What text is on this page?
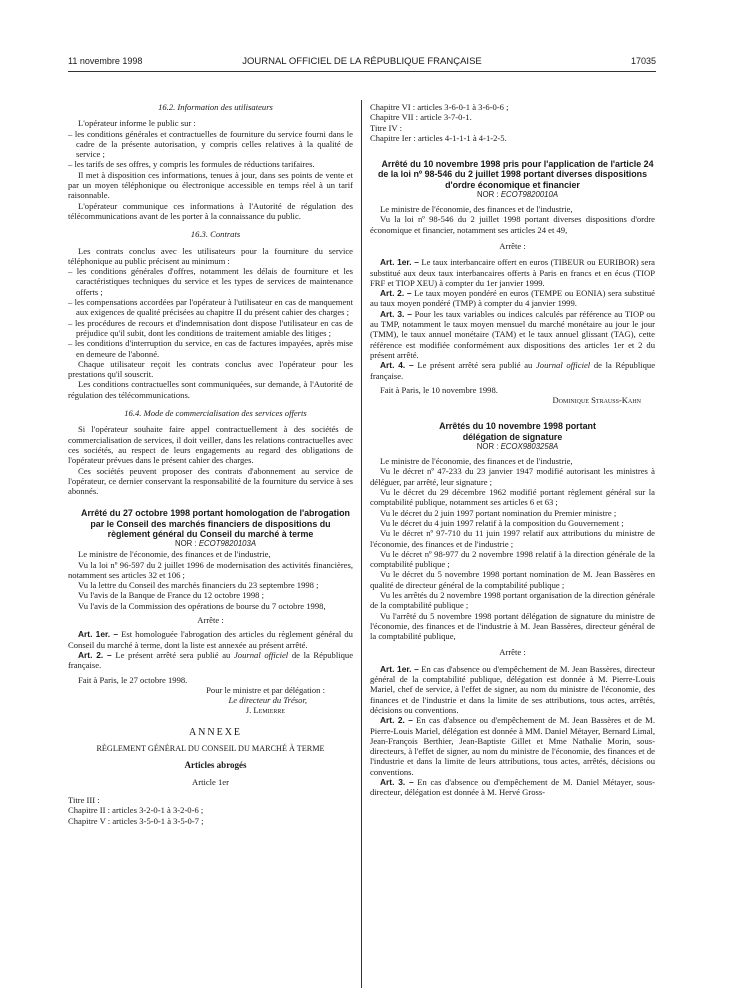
11 novembre 1998	JOURNAL OFFICIEL DE LA RÉPUBLIQUE FRANÇAISE	17035

16.2. Information des utilisateurs

L'opérateur informe le public sur :

– les conditions générales et contractuelles de fourniture du service fourni dans le cadre de la présente autorisation, y compris celles relatives à la qualité de service ;

– les tarifs de ses offres, y compris les formules de réductions tarifaires.

Il met à disposition ces informations, tenues à jour, dans ses points de vente et par un moyen téléphonique ou électronique accessible en temps réel à un tarif raisonnable.

L'opérateur communique ces informations à l'Autorité de régulation des télécommunications avant de les porter à la connaissance du public.

16.3. Contrats

Les contrats conclus avec les utilisateurs pour la fourniture du service téléphonique au public précisent au minimum :

– les conditions générales d'offres, notamment les délais de fourniture et les caractéristiques techniques du service et les types de services de maintenance offerts ;

– les compensations accordées par l'opérateur à l'utilisateur en cas de manquement aux exigences de qualité précisées au chapitre II du présent cahier des charges ;

– les procédures de recours et d'indemnisation dont dispose l'utilisateur en cas de préjudice qu'il subit, dont les conditions de traitement amiable des litiges ;

– les conditions d'interruption du service, en cas de factures impayées, après mise en demeure de l'abonné.

Chaque utilisateur reçoit les contrats conclus avec l'opérateur pour les prestations qu'il souscrit.

Les conditions contractuelles sont communiquées, sur demande, à l'Autorité de régulation des télécommunications.

16.4. Mode de commercialisation des services offerts

Si l'opérateur souhaite faire appel contractuellement à des sociétés de commercialisation de services, il doit veiller, dans les relations contractuelles avec ces sociétés, au respect de leurs engagements au regard des obligations de l'opérateur prévues dans le présent cahier des charges.

Ces sociétés peuvent proposer des contrats d'abonnement au service de l'opérateur, ce dernier conservant la responsabilité de la fourniture du service à ses abonnés.

Arrêté du 27 octobre 1998 portant homologation de l'abrogation par le Conseil des marchés financiers de dispositions du règlement général du Conseil du marché à terme

NOR : ECOT9820103A

Le ministre de l'économie, des finances et de l'industrie,

Vu la loi nº 96-597 du 2 juillet 1996 de modernisation des activités financières, notamment ses articles 32 et 106 ;

Vu la lettre du Conseil des marchés financiers du 23 septembre 1998 ;

Vu l'avis de la Banque de France du 12 octobre 1998 ;

Vu l'avis de la Commission des opérations de bourse du 7 octobre 1998,

Arrête :

Art. 1er. – Est homologuée l'abrogation des articles du règlement général du Conseil du marché à terme, dont la liste est annexée au présent arrêté.

Art. 2. – Le présent arrêté sera publié au Journal officiel de la République française.

Fait à Paris, le 27 octobre 1998.

Pour le ministre et par délégation :

Le directeur du Trésor,

J. Lemierre

ANNEXE

RÈGLEMENT GÉNÉRAL DU CONSEIL DU MARCHÉ À TERME

Articles abrogés

Article 1er

Titre III :

Chapitre II : articles 3-2-0-1 à 3-2-0-6 ;

Chapitre V : articles 3-5-0-1 à 3-5-0-7 ;

Chapitre VI : articles 3-6-0-1 à 3-6-0-6 ;

Chapitre VII : article 3-7-0-1.

Titre IV :

Chapitre Ier : articles 4-1-1-1 à 4-1-2-5.

Arrêté du 10 novembre 1998 pris pour l'application de l'article 24 de la loi nº 98-546 du 2 juillet 1998 portant diverses dispositions d'ordre économique et financier

NOR : ECOT9820010A

Le ministre de l'économie, des finances et de l'industrie,

Vu la loi nº 98-546 du 2 juillet 1998 portant diverses dispositions d'ordre économique et financier, notamment ses articles 24 et 49,

Arrête :

Art. 1er. – Le taux interbancaire offert en euros (TIBEUR ou EURIBOR) sera substitué aux deux taux interbancaires offerts à Paris en francs et en écus (TIOP FRF et TIOP XEU) à compter du 1er janvier 1999.

Art. 2. – Le taux moyen pondéré en euros (TEMPE ou EONIA) sera substitué au taux moyen pondéré (TMP) à compter du 4 janvier 1999.

Art. 3. – Pour les taux variables ou indices calculés par référence au TIOP ou au TMP, notamment le taux moyen mensuel du marché monétaire au jour le jour (TMM), le taux annuel monétaire (TAM) et le taux annuel glissant (TAG), cette référence est modifiée conformément aux dispositions des articles 1er et 2 du présent arrêté.

Art. 4. – Le présent arrêté sera publié au Journal officiel de la République française.

Fait à Paris, le 10 novembre 1998.

Dominique Strauss-Kahn

Arrêtés du 10 novembre 1998 portant délégation de signature

NOR : ECOX9803258A

Le ministre de l'économie, des finances et de l'industrie,

Vu le décret nº 47-233 du 23 janvier 1947 modifié autorisant les ministres à déléguer, par arrêté, leur signature ;

Vu le décret du 29 décembre 1962 modifié portant règlement général sur la comptabilité publique, notamment ses articles 6 et 63 ;

Vu le décret du 2 juin 1997 portant nomination du Premier ministre ;

Vu le décret du 4 juin 1997 relatif à la composition du Gouvernement ;

Vu le décret nº 97-710 du 11 juin 1997 relatif aux attributions du ministre de l'économie, des finances et de l'industrie ;

Vu le décret nº 98-977 du 2 novembre 1998 relatif à la direction générale de la comptabilité publique ;

Vu le décret du 5 novembre 1998 portant nomination de M. Jean Bassères en qualité de directeur général de la comptabilité publique ;

Vu les arrêtés du 2 novembre 1998 portant organisation de la direction générale de la comptabilité publique ;

Vu l'arrêté du 5 novembre 1998 portant délégation de signature du ministre de l'économie, des finances et de l'industrie à M. Jean Bassères, directeur général de la comptabilité publique,

Arrête :

Art. 1er. – En cas d'absence ou d'empêchement de M. Jean Bassères, directeur général de la comptabilité publique, délégation est donnée à M. Pierre-Louis Mariel, chef de service, à l'effet de signer, au nom du ministre de l'économie, des finances et de l'industrie et dans la limite de ses attributions, tous actes, arrêtés, décisions ou conventions.

Art. 2. – En cas d'absence ou d'empêchement de M. Jean Bassères et de M. Pierre-Louis Mariel, délégation est donnée à MM. Daniel Métayer, Bernard Limal, Jean-François Berthier, Jean-Baptiste Gillet et Mme Nathalie Morin, sous-directeurs, à l'effet de signer, au nom du ministre de l'économie, des finances et de l'industrie et dans la limite de leurs attributions, tous actes, arrêtés, décisions ou conventions.

Art. 3. – En cas d'absence ou d'empêchement de M. Daniel Métayer, sous-directeur, délégation est donnée à M. Hervé Gross-
